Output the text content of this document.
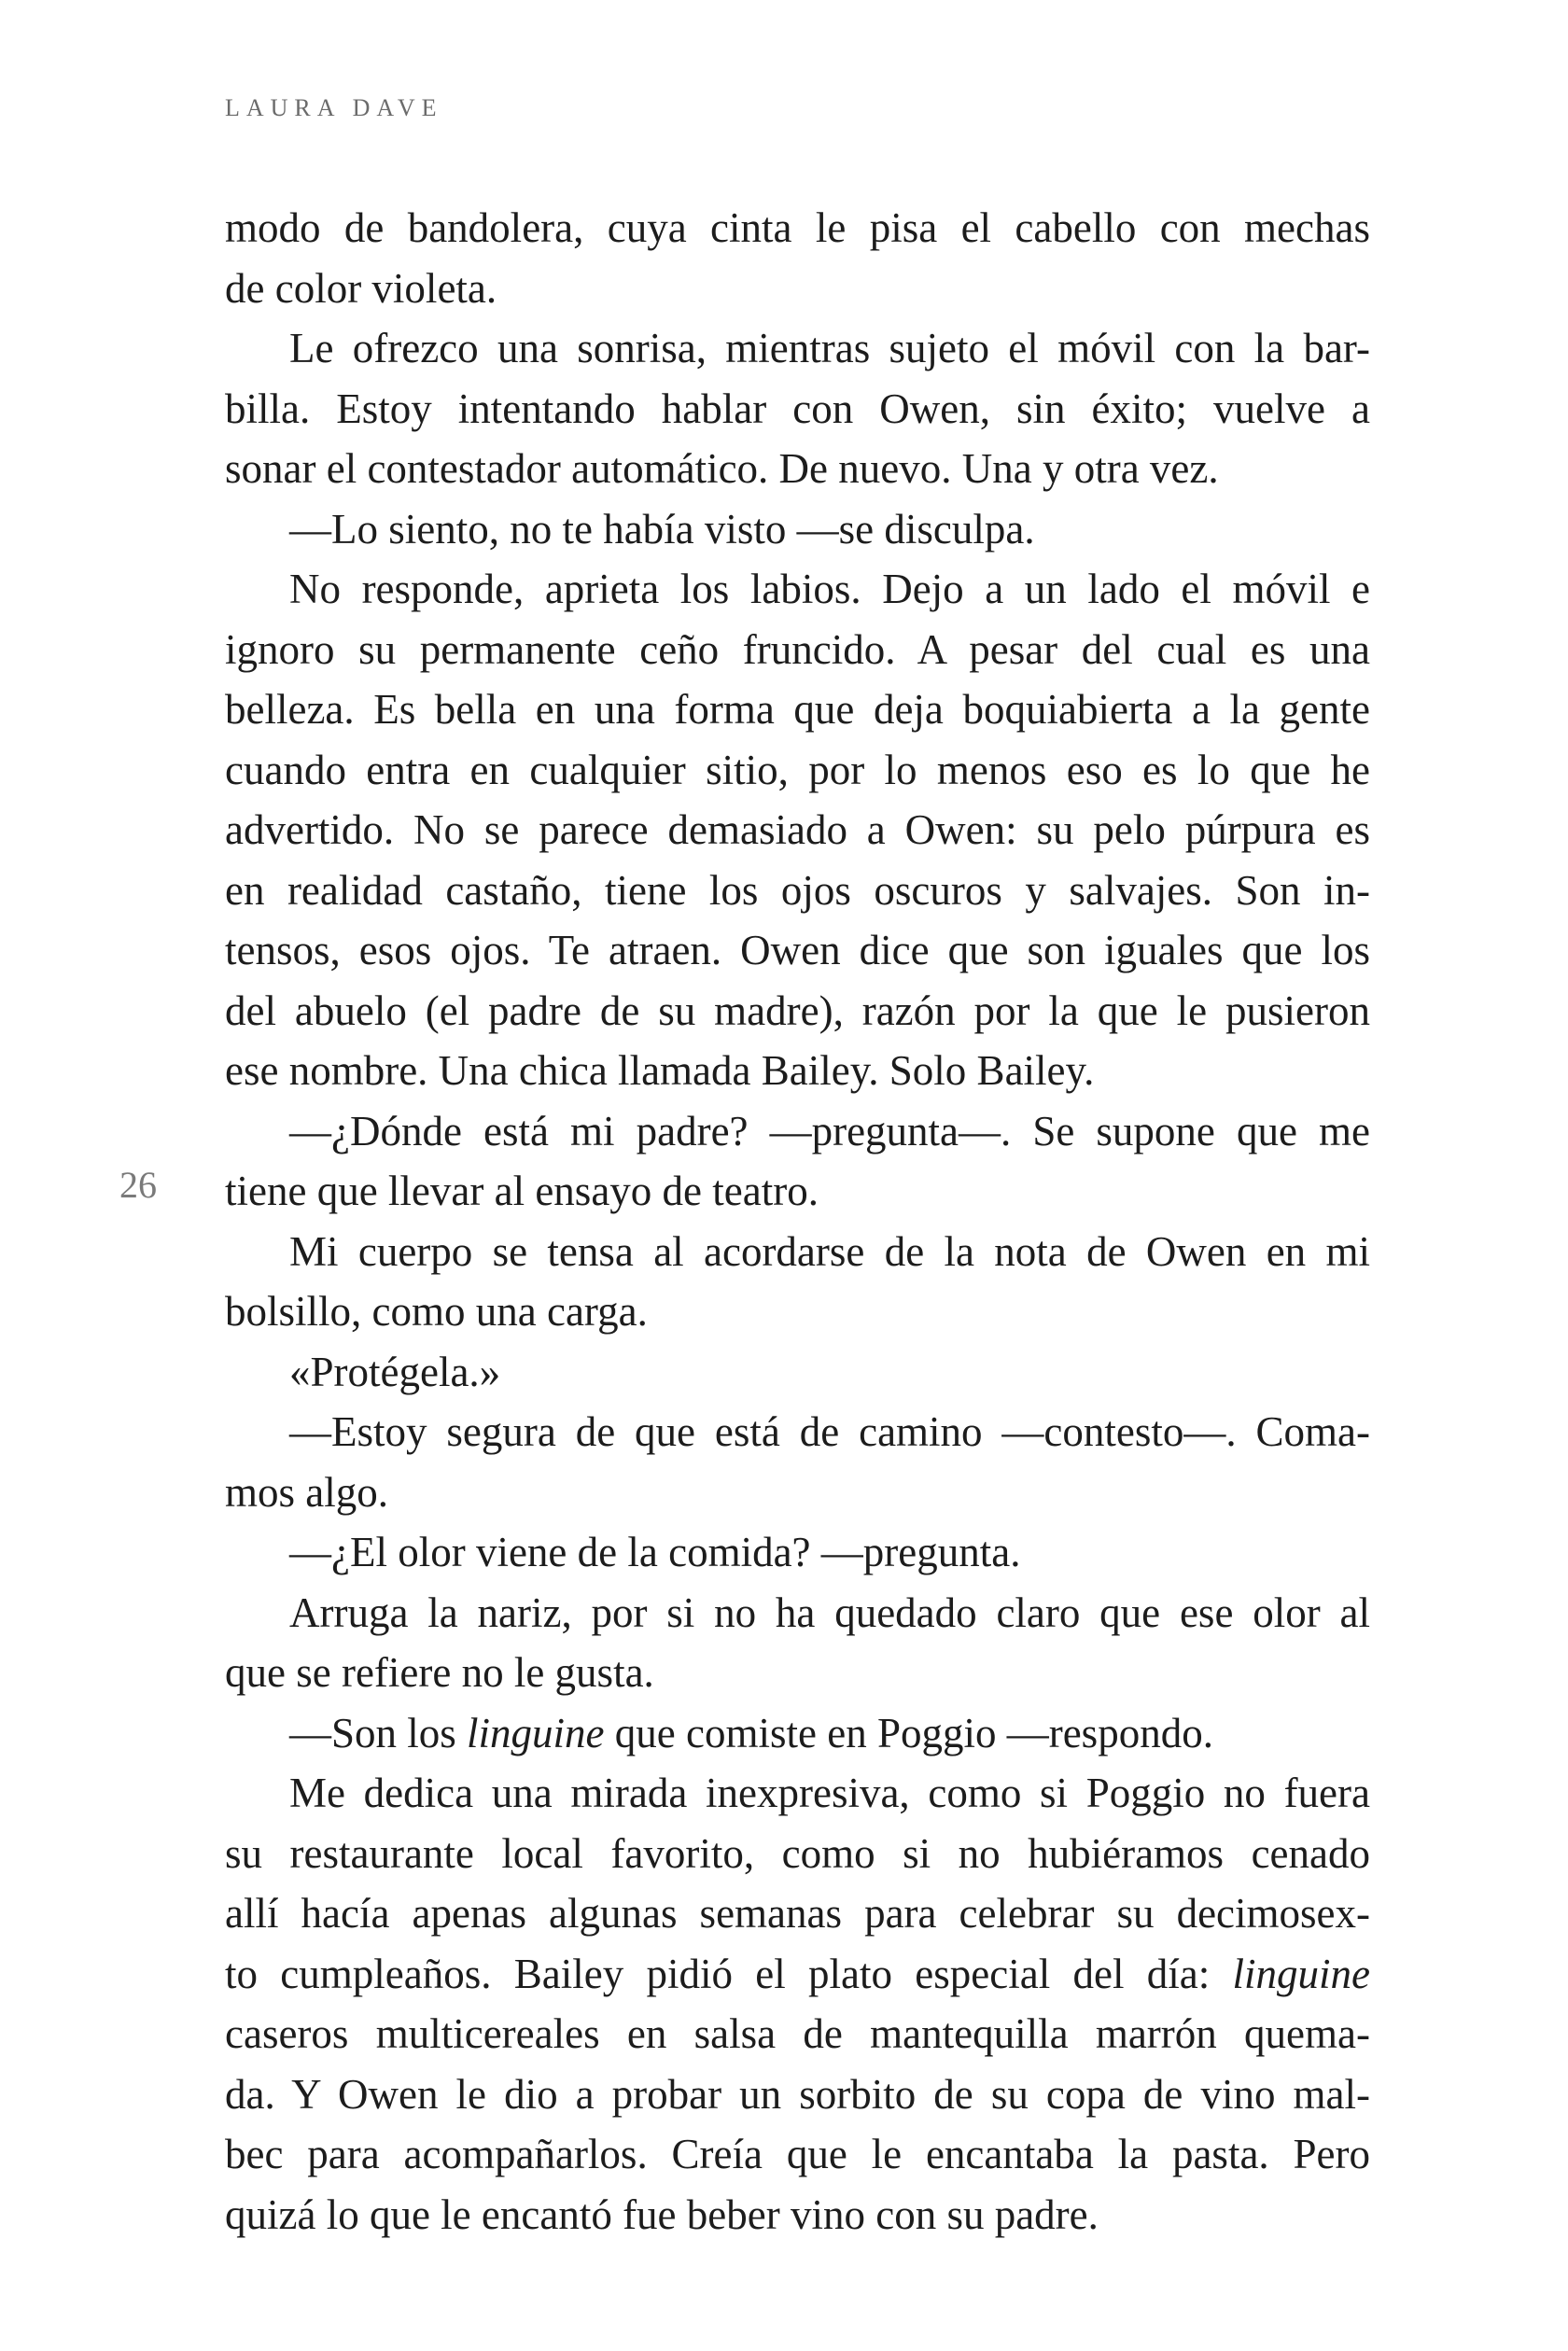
LAURA DAVE
26
modo de bandolera, cuya cinta le pisa el cabello con mechas
de color violeta.
Le ofrezco una sonrisa, mientras sujeto el móvil con la bar-
billa. Estoy intentando hablar con Owen, sin éxito; vuelve a
sonar el contestador automático. De nuevo. Una y otra vez.
—Lo siento, no te había visto —se disculpa.
No responde, aprieta los labios. Dejo a un lado el móvil e
ignoro su permanente ceño fruncido. A pesar del cual es una
belleza. Es bella en una forma que deja boquiabierta a la gente
cuando entra en cualquier sitio, por lo menos eso es lo que he
advertido. No se parece demasiado a Owen: su pelo púrpura es
en realidad castaño, tiene los ojos oscuros y salvajes. Son in-
tensos, esos ojos. Te atraen. Owen dice que son iguales que los
del abuelo (el padre de su madre), razón por la que le pusieron
ese nombre. Una chica llamada Bailey. Solo Bailey.
—¿Dónde está mi padre? —pregunta—. Se supone que me
tiene que llevar al ensayo de teatro.
Mi cuerpo se tensa al acordarse de la nota de Owen en mi
bolsillo, como una carga.
«Protégela.»
—Estoy segura de que está de camino —contesto—. Coma-
mos algo.
—¿El olor viene de la comida? —pregunta.
Arruga la nariz, por si no ha quedado claro que ese olor al
que se refiere no le gusta.
—Son los linguine que comiste en Poggio —respondo.
Me dedica una mirada inexpresiva, como si Poggio no fuera
su restaurante local favorito, como si no hubiéramos cenado
allí hacía apenas algunas semanas para celebrar su decimosex-
to cumpleaños. Bailey pidió el plato especial del día: linguine
caseros multicereales en salsa de mantequilla marrón quema-
da. Y Owen le dio a probar un sorbito de su copa de vino mal-
bec para acompañarlos. Creía que le encantaba la pasta. Pero
quizá lo que le encantó fue beber vino con su padre.
